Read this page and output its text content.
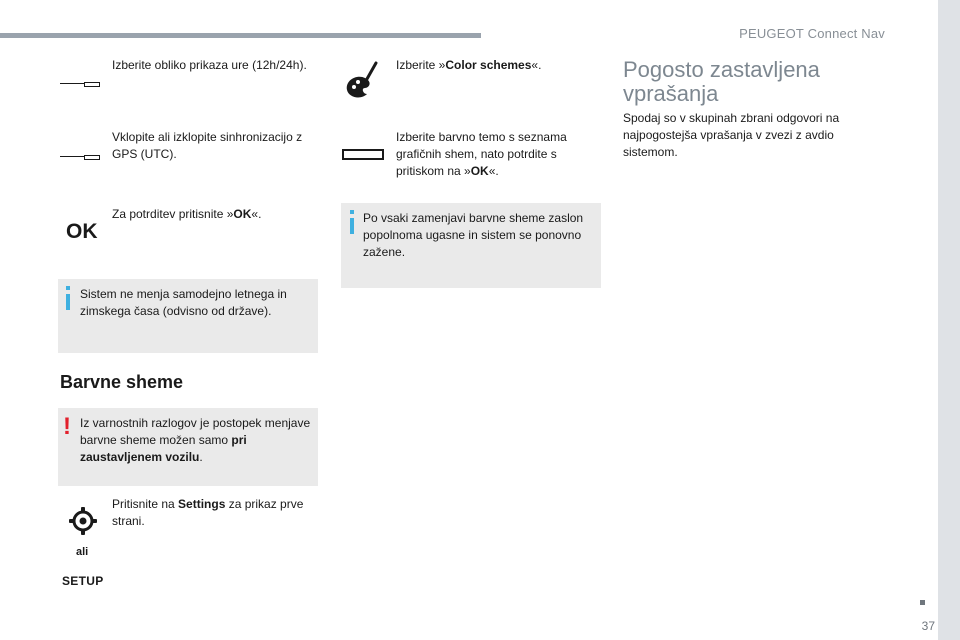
PEUGEOT Connect Nav
37
Izberite obliko prikaza ure (12h/24h).
Vklopite ali izklopite sinhronizacijo z GPS (UTC).
OK
Za potrditev pritisnite »OK«.
Sistem ne menja samodejno letnega in zimskega časa (odvisno od države).
Barvne sheme
! Iz varnostnih razlogov je postopek menjave barvne sheme možen samo pri zaustavljenem vozilu.
Pritisnite na Settings za prikaz prve strani.
ali
SETUP
Izberite »Color schemes«.
Izberite barvno temo s seznama grafičnih shem, nato potrdite s pritiskom na »OK«.
Po vsaki zamenjavi barvne sheme zaslon popolnoma ugasne in sistem se ponovno zažene.
Pogosto zastavljena vprašanja
Spodaj so v skupinah zbrani odgovori na najpogostejša vprašanja v zvezi z avdio sistemom.
